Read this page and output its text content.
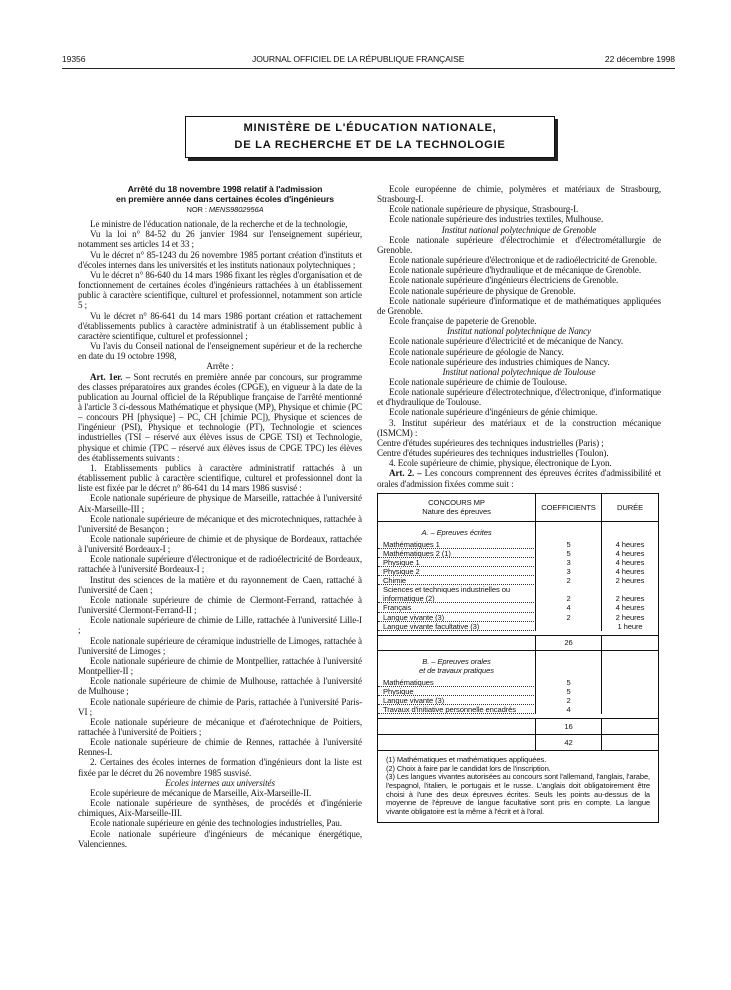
19356	JOURNAL OFFICIEL DE LA RÉPUBLIQUE FRANÇAISE	22 décembre 1998
MINISTÈRE DE L'ÉDUCATION NATIONALE,
DE LA RECHERCHE ET DE LA TECHNOLOGIE
Arrêté du 18 novembre 1998 relatif à l'admission
en première année dans certaines écoles d'ingénieurs
NOR : MENS9802956A

Le ministre de l'éducation nationale, de la recherche et de la technologie,

Vu la loi n° 84-52 du 26 janvier 1984 sur l'enseignement supérieur, notamment ses articles 14 et 33 ;

Vu le décret n° 85-1243 du 26 novembre 1985 portant création d'instituts et d'écoles internes dans les universités et les instituts nationaux polytechniques ;

Vu le décret n° 86-640 du 14 mars 1986 fixant les règles d'organisation et de fonctionnement de certaines écoles d'ingénieurs rattachées à un établissement public à caractère scientifique, culturel et professionnel, notamment son article 5 ;

Vu le décret n° 86-641 du 14 mars 1986 portant création et rattachement d'établissements publics à caractère administratif à un établissement public à caractère scientifique, culturel et professionnel ;

Vu l'avis du Conseil national de l'enseignement supérieur et de la recherche en date du 19 octobre 1998,

Arrête :

Art. 1er. – Sont recrutés en première année par concours, sur programme des classes préparatoires aux grandes écoles (CPGE), en vigueur à la date de la publication au Journal officiel de la République française de l'arrêté mentionné à l'article 3 ci-dessous Mathématique et physique (MP), Physique et chimie (PC – concours PH [physique] – PC, CH [chimie PC]), Physique et sciences de l'ingénieur (PSI), Physique et technologie (PT), Technologie et sciences industrielles (TSI – réservé aux élèves issus de CPGE TSI) et Technologie, physique et chimie (TPC – réservé aux élèves issus de CPGE TPC) les élèves des établissements suivants :

1. Etablissements publics à caractère administratif rattachés à un établissement public à caractère scientifique, culturel et professionnel dont la liste est fixée par le décret n° 86-641 du 14 mars 1986 susvisé :

Ecole nationale supérieure de physique de Marseille, rattachée à l'université Aix-Marseille-III ;

Ecole nationale supérieure de mécanique et des microtechniques, rattachée à l'université de Besançon ;

Ecole nationale supérieure de chimie et de physique de Bordeaux, rattachée à l'université Bordeaux-I ;

Ecole nationale supérieure d'électronique et de radioélectricité de Bordeaux, rattachée à l'université Bordeaux-I ;

Institut des sciences de la matière et du rayonnement de Caen, rattaché à l'université de Caen ;

Ecole nationale supérieure de chimie de Clermont-Ferrand, rattachée à l'université Clermont-Ferrand-II ;

Ecole nationale supérieure de chimie de Lille, rattachée à l'université Lille-I ;

Ecole nationale supérieure de céramique industrielle de Limoges, rattachée à l'université de Limoges ;

Ecole nationale supérieure de chimie de Montpellier, rattachée à l'université Montpellier-II ;

Ecole nationale supérieure de chimie de Mulhouse, rattachée à l'université de Mulhouse ;

Ecole nationale supérieure de chimie de Paris, rattachée à l'université Paris-VI ;

Ecole nationale supérieure de mécanique et d'aérotechnique de Poitiers, rattachée à l'université de Poitiers ;

Ecole nationale supérieure de chimie de Rennes, rattachée à l'université Rennes-I.

2. Certaines des écoles internes de formation d'ingénieurs dont la liste est fixée par le décret du 26 novembre 1985 susvisé.

Ecoles internes aux universités

Ecole supérieure de mécanique de Marseille, Aix-Marseille-II.

Ecole nationale supérieure de synthèses, de procédés et d'ingénierie chimiques, Aix-Marseille-III.

Ecole nationale supérieure en génie des technologies industrielles, Pau.

Ecole nationale supérieure d'ingénieurs de mécanique énergétique, Valenciennes.

Ecole européenne de chimie, polymères et matériaux de Strasbourg, Strasbourg-I.

Ecole nationale supérieure de physique, Strasbourg-I.

Ecole nationale supérieure des industries textiles, Mulhouse.

Institut national polytechnique de Grenoble

Ecole nationale supérieure d'électrochimie et d'électrométallurgie de Grenoble.

Ecole nationale supérieure d'électronique et de radioélectricité de Grenoble.

Ecole nationale supérieure d'hydraulique et de mécanique de Grenoble.

Ecole nationale supérieure d'ingénieurs électriciens de Grenoble.

Ecole nationale supérieure de physique de Grenoble.

Ecole nationale supérieure d'informatique et de mathématiques appliquées de Grenoble.

Ecole française de papeterie de Grenoble.

Institut national polytechnique de Nancy

Ecole nationale supérieure d'électricité et de mécanique de Nancy.

Ecole nationale supérieure de géologie de Nancy.

Ecole nationale supérieure des industries chimiques de Nancy.

Institut national polytechnique de Toulouse

Ecole nationale supérieure de chimie de Toulouse.

Ecole nationale supérieure d'électrotechnique, d'électronique, d'informatique et d'hydraulique de Toulouse.

Ecole nationale supérieure d'ingénieurs de génie chimique.

3. Institut supérieur des matériaux et de la construction mécanique (ISMCM) :

Centre d'études supérieures des techniques industrielles (Paris) ;

Centre d'études supérieures des techniques industrielles (Toulon).

4. Ecole supérieure de chimie, physique, électronique de Lyon.

Art. 2. – Les concours comprennent des épreuves écrites d'admissibilité et orales d'admission fixées comme suit :

CONCOURS MP
Nature des épreuves
COEFFICIENTS	DURÉE
A. – Epreuves écrites
Mathématiques 1	5	4 heures
Mathématiques 2 (1)	5	4 heures
Physique 1	3	4 heures
Physique 2	3	4 heures
Chimie	2	2 heures
Sciences et techniques industrielles ou
informatique (2)	2	2 heures
Français	4	4 heures
Langue vivante (3)	2	2 heures
Langue vivante facultative (3)	1 heure
26
B. – Epreuves orales
et de travaux pratiques
Mathématiques	5
Physique	5
Langue vivante (3)	2
Travaux d'initiative personnelle encadrés	4
16
42

(1) Mathématiques et mathématiques appliquées.

(2) Choix à faire par le candidat lors de l'inscription.

(3) Les langues vivantes autorisées au concours sont l'allemand, l'anglais, l'arabe, l'espagnol, l'italien, le portugais et le russe. L'anglais doit obligatoirement être choisi à l'une des deux épreuves écrites. Seuls les points au-dessus de la moyenne de l'épreuve de langue facultative sont pris en compte. La langue vivante obligatoire est la même à l'écrit et à l'oral.
